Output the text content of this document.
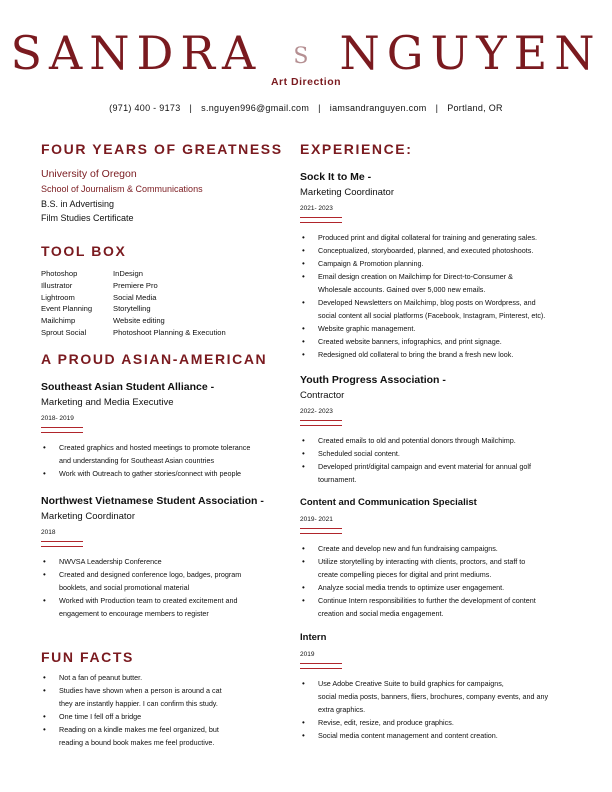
SANDRA S NGUYEN
Art Direction
(971) 400 - 9173 | s.nguyen996@gmail.com | iamsandranguyen.com | Portland, OR
FOUR YEARS OF GREATNESS
University of Oregon
School of Journalism & Communications
B.S. in Advertising
Film Studies Certificate
TOOL BOX
Photoshop
Illustrator
Lightroom
Event Planning
Mailchimp
Sprout Social
InDesign
Premiere Pro
Social Media
Storytelling
Website editing
Photoshoot Planning & Execution
A PROUD ASIAN-AMERICAN
Southeast Asian Student Alliance -
Marketing and Media Executive
2018- 2019
• Created graphics and hosted meetings to promote tolerance
and understanding for Southeast Asian countries
• Work with Outreach to gather stories/connect with people
Northwest Vietnamese Student Association -
Marketing Coordinator
2018
• NWVSA Leadership Conference
• Created and designed conference logo, badges, program
booklets, and social promotional material
• Worked with Production team to created excitement and
engagement to encourage members to register
FUN FACTS
• Not a fan of peanut butter.
• Studies have shown when a person is around a cat
they are instantly happier. I can confirm this study.
• One time I fell off a bridge
• Reading on a kindle makes me feel organized, but
reading a bound book makes me feel productive.
EXPERIENCE:
Sock It to Me -
Marketing Coordinator
2021- 2023
• Produced print and digital collateral for training and generating sales.
• Conceptualized, storyboarded, planned, and executed photoshoots.
• Campaign & Promotion planning.
• Email design creation on Mailchimp for Direct-to-Consumer &
Wholesale accounts. Gained over 5,000 new emails.
• Developed Newsletters on Mailchimp, blog posts on Wordpress, and
social content all social platforms (Facebook, Instagram, Pinterest, etc).
• Website graphic management.
• Created website banners, infographics, and print signage.
• Redesigned old collateral to bring the brand a fresh new look.
Youth Progress Association -
Contractor
2022- 2023
• Created emails to old and potential donors through Mailchimp.
• Scheduled social content.
• Developed print/digital campaign and event material for annual golf
tournament.
Content and Communication Specialist
2019- 2021
• Create and develop new and fun fundraising campaigns.
• Utilize storytelling by interacting with clients, proctors, and staff to
create compelling pieces for digital and print mediums.
• Analyze social media trends to optimize user engagement.
• Continue Intern responsibilities to further the development of content
creation and social media engagement.
Intern
2019
• Use Adobe Creative Suite to build graphics for campaigns,
social media posts, banners, fliers, brochures, company events, and any
extra graphics.
• Revise, edit, resize, and produce graphics.
• Social media content management and content creation.
